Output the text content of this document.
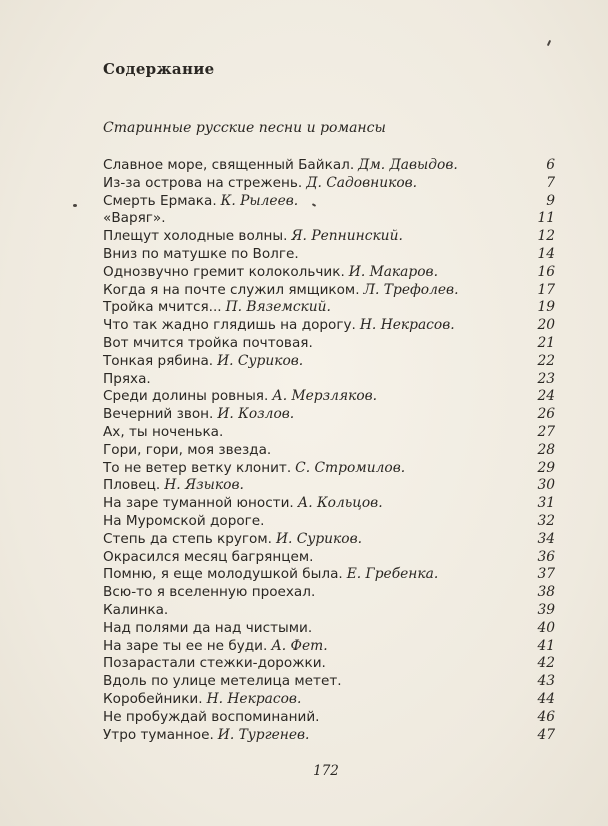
Содержание
Старинные русские песни и романсы
Славное море, священный Байкал. Дм. Давыдов.	6
Из-за острова на стрежень. Д. Садовников.	7
Смерть Ермака. К. Рылеев.	9
«Варяг».	11
Плещут холодные волны. Я. Репнинский.	12
Вниз по матушке по Волге.	14
Однозвучно гремит колокольчик. И. Макаров.	16
Когда я на почте служил ямщиком. Л. Трефолев.	17
Тройка мчится... П. Вяземский.	19
Что так жадно глядишь на дорогу. Н. Некрасов.	20
Вот мчится тройка почтовая.	21
Тонкая рябина. И. Суриков.	22
Пряха.	23
Среди долины ровныя. А. Мерзляков.	24
Вечерний звон. И. Козлов.	26
Ах, ты ноченька.	27
Гори, гори, моя звезда.	28
То не ветер ветку клонит. С. Стромилов.	29
Пловец. Н. Языков.	30
На заре туманной юности. А. Кольцов.	31
На Муромской дороге.	32
Степь да степь кругом. И. Суриков.	34
Окрасился месяц багрянцем.	36
Помню, я еще молодушкой была. Е. Гребенка.	37
Всю-то я вселенную проехал.	38
Калинка.	39
Над полями да над чистыми.	40
На заре ты ее не буди. А. Фет.	41
Позарастали стежки-дорожки.	42
Вдоль по улице метелица метет.	43
Коробейники. Н. Некрасов.	44
Не пробуждай воспоминаний.	46
Утро туманное. И. Тургенев.	47
172
